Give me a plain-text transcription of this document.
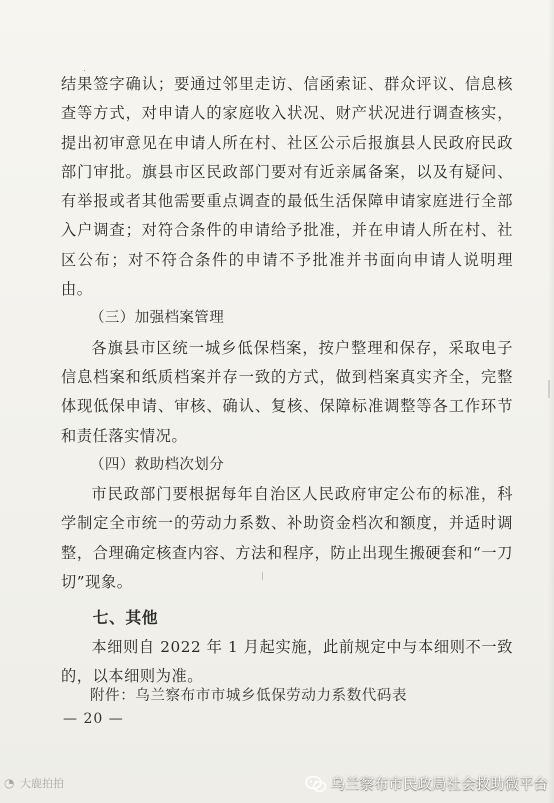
结果签字确认；要通过邻里走访、信函索证、群众评议、信息核查等方式，对申请人的家庭收入状况、财产状况进行调查核实，提出初审意见在申请人所在村、社区公示后报旗县人民政府民政部门审批。旗县市区民政部门要对有近亲属备案，以及有疑问、有举报或者其他需要重点调查的最低生活保障申请家庭进行全部入户调查；对符合条件的申请给予批准，并在申请人所在村、社区公布；对不符合条件的申请不予批准并书面向申请人说明理由。

（三）加强档案管理

各旗县市区统一城乡低保档案，按户整理和保存，采取电子信息档案和纸质档案并存一致的方式，做到档案真实齐全，完整体现低保申请、审核、确认、复核、保障标准调整等各工作环节和责任落实情况。

（四）救助档次划分

市民政部门要根据每年自治区人民政府审定公布的标准，科学制定全市统一的劳动力系数、补助资金档次和额度，并适时调整，合理确定核查内容、方法和程序，防止出现生搬硬套和“一刀切”现象。

七、其他

本细则自 2022 年 1 月起实施，此前规定中与本细则不一致的，以本细则为准。

附件：乌兰察布市市城乡低保劳动力系数代码表
— 20 —
◔ 大鹿拍拍	乌兰察布市民政局社会救助微平台
